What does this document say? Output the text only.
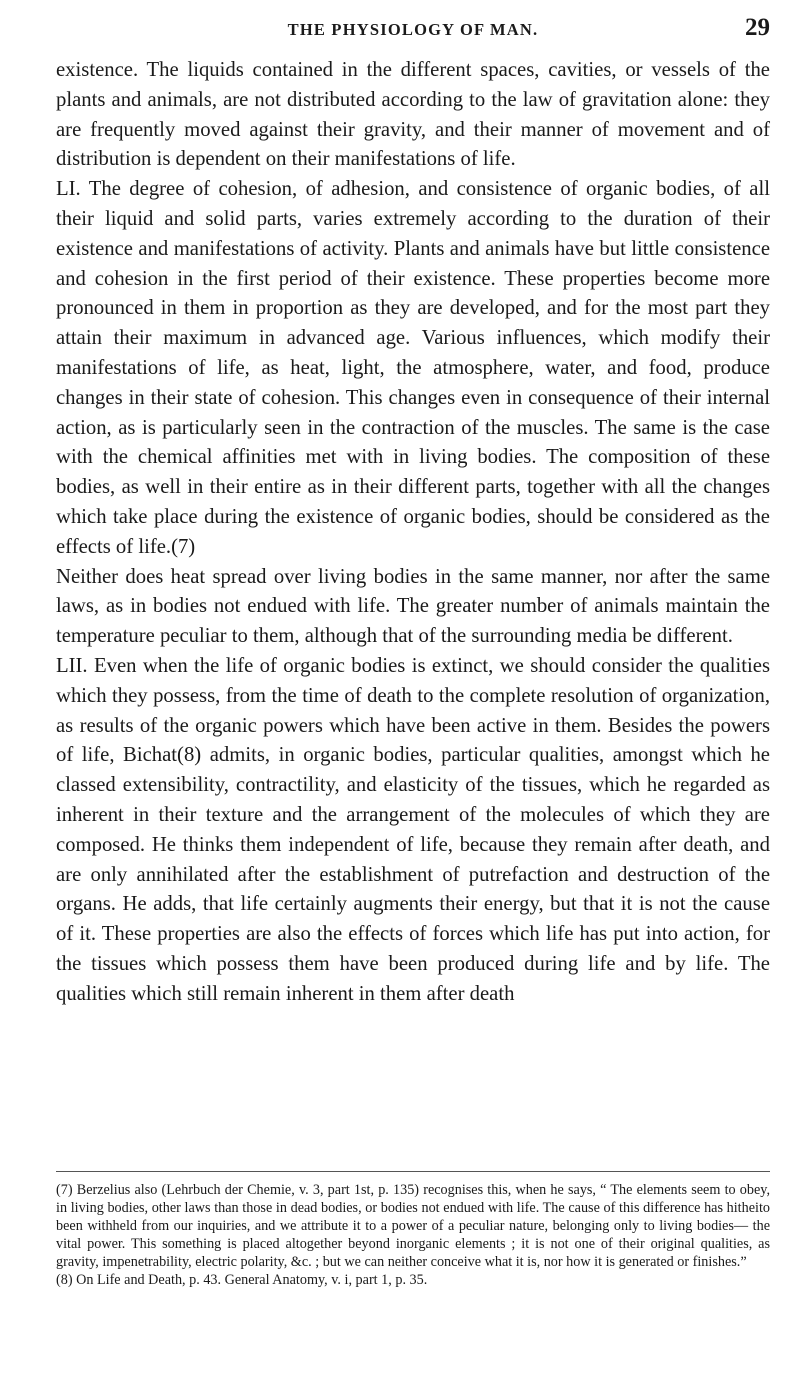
THE PHYSIOLOGY OF MAN.	29

existence. The liquids contained in the different spaces, cavities, or vessels of the plants and animals, are not distributed according to the law of gravitation alone: they are frequently moved against their gravity, and their manner of movement and of distribution is dependent on their manifestations of life.

LI. The degree of cohesion, of adhesion, and consistence of organic bodies, of all their liquid and solid parts, varies extremely according to the duration of their existence and manifestations of activity. Plants and animals have but little consistence and cohesion in the first period of their existence. These properties become more pronounced in them in proportion as they are developed, and for the most part they attain their maximum in advanced age. Various influences, which modify their manifestations of life, as heat, light, the atmosphere, water, and food, produce changes in their state of cohesion. This changes even in consequence of their internal action, as is particularly seen in the contraction of the muscles. The same is the case with the chemical affinities met with in living bodies. The composition of these bodies, as well in their entire as in their different parts, together with all the changes which take place during the existence of organic bodies, should be considered as the effects of life.(7)

Neither does heat spread over living bodies in the same manner, nor after the same laws, as in bodies not endued with life. The greater number of animals maintain the temperature peculiar to them, although that of the surrounding media be different.

LII. Even when the life of organic bodies is extinct, we should consider the qualities which they possess, from the time of death to the complete resolution of organization, as results of the organic powers which have been active in them. Besides the powers of life, Bichat(8) admits, in organic bodies, particular qualities, amongst which he classed extensibility, contractility, and elasticity of the tissues, which he regarded as inherent in their texture and the arrangement of the molecules of which they are composed. He thinks them independent of life, because they remain after death, and are only annihilated after the establishment of putrefaction and destruction of the organs. He adds, that life certainly augments their energy, but that it is not the cause of it. These properties are also the effects of forces which life has put into action, for the tissues which possess them have been produced during life and by life. The qualities which still remain inherent in them after death

(7) Berzelius also (Lehrbuch der Chemie, v. 3, part 1st, p. 135) recognises this, when he says, “ The elements seem to obey, in living bodies, other laws than those in dead bodies, or bodies not endued with life. The cause of this difference has hitheito been withheld from our inquiries, and we attribute it to a power of a peculiar nature, belonging only to living bodies— the vital power. This something is placed altogether beyond inorganic elements ; it is not one of their original qualities, as gravity, impenetrability, electric polarity, &c. ; but we can neither conceive what it is, nor how it is generated or finishes.”

(8) On Life and Death, p. 43. General Anatomy, v. i, part 1, p. 35.
